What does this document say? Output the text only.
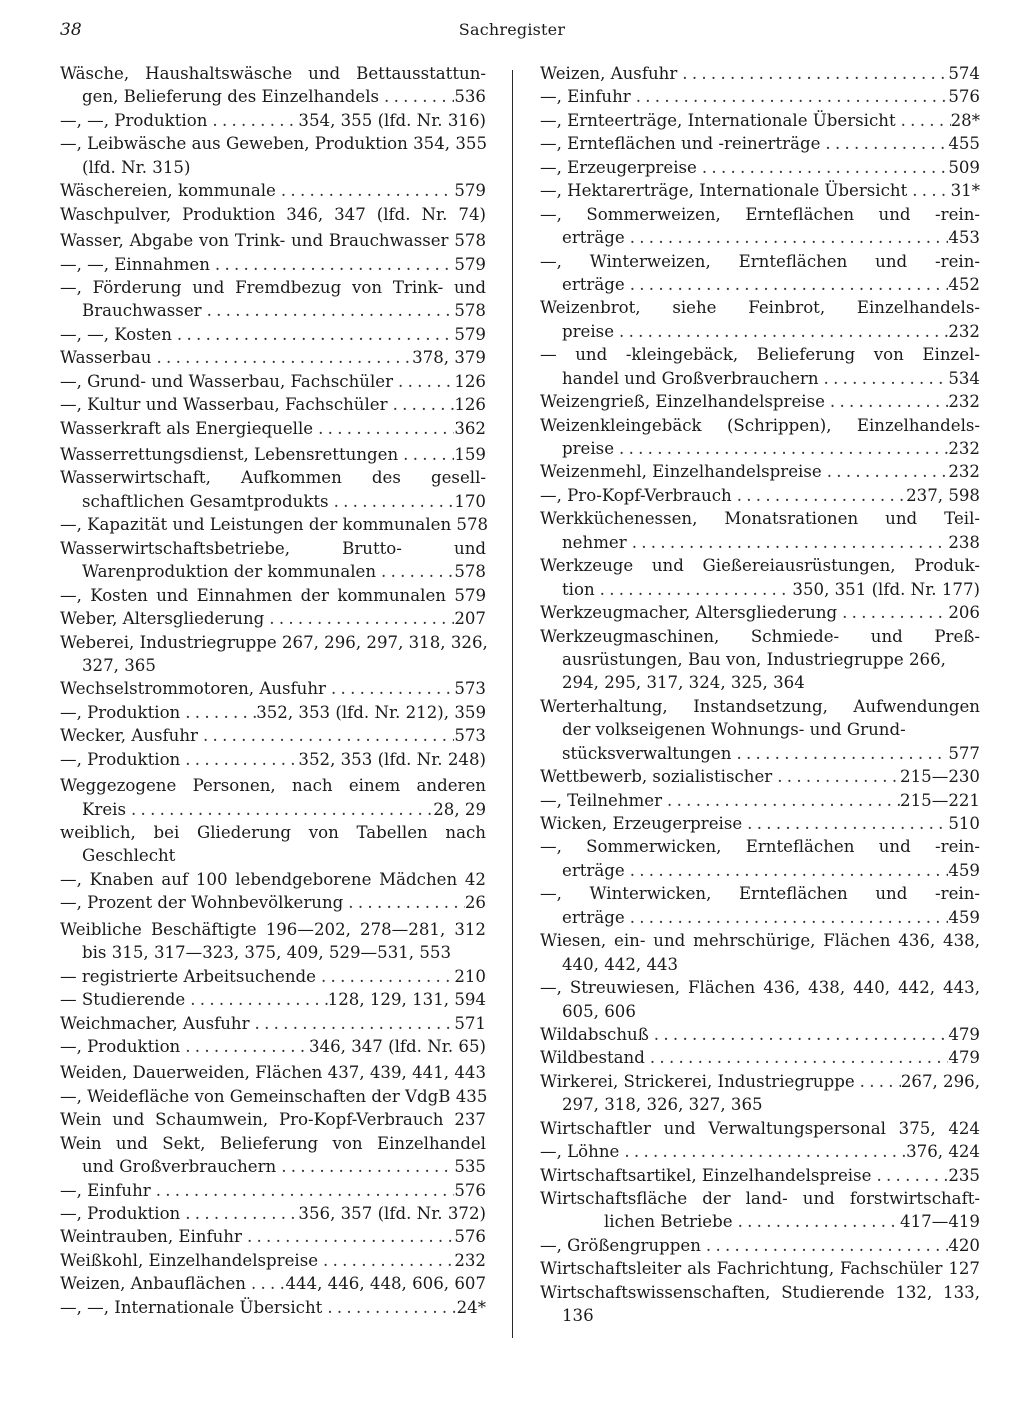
38	Sachregister
Wäsche, Haushaltswäsche und Bettausstattun-
gen, Belieferung des Einzelhandels . . .	536
—, —, Produktion . . .	354, 355 (lfd. Nr. 316)
—, Leibwäsche aus Geweben, Produktion 354, 355
(lfd. Nr. 315)
Wäschereien, kommunale . . .	579
Waschpulver, Produktion 346, 347 (lfd. Nr. 74)
Wasser, Abgabe von Trink- und Brauchwasser 578
—, —, Einnahmen . . .	579
—, Förderung und Fremdbezug von Trink- und
Brauchwasser . . .	578
—, —, Kosten . . .	579
Wasserbau . . .	378, 379
—, Grund- und Wasserbau, Fachschüler . . .	126
—, Kultur und Wasserbau, Fachschüler . . .	126
Wasserkraft als Energiequelle . . .	362
Wasserrettungsdienst, Lebensrettungen . . .	159
Wasserwirtschaft, Aufkommen des gesell-
schaftlichen Gesamtprodukts . . .	170
—, Kapazität und Leistungen der kommunalen 578
Wasserwirtschaftsbetriebe, Brutto- und
Warenproduktion der kommunalen . . .	578
—, Kosten und Einnahmen der kommunalen 579
Weber, Altersgliederung . . .	207
Weberei, Industriegruppe 267, 296, 297, 318, 326,
327, 365
Wechselstrommotoren, Ausfuhr . . .	573
—, Produktion . . .	352, 353 (lfd. Nr. 212), 359
Wecker, Ausfuhr . . .	573
—, Produktion . . .	352, 353 (lfd. Nr. 248)
Weggezogene Personen, nach einem anderen
Kreis . . .	28, 29
weiblich, bei Gliederung von Tabellen nach
Geschlecht
—, Knaben auf 100 lebendgeborene Mädchen 42
—, Prozent der Wohnbevölkerung . . .	26
Weibliche Beschäftigte 196—202, 278—281, 312
bis 315, 317—323, 375, 409, 529—531, 553
— registrierte Arbeitsuchende . . .	210
— Studierende . . .	128, 129, 131, 594
Weichmacher, Ausfuhr . . .	571
—, Produktion . . .	346, 347 (lfd. Nr. 65)
Weiden, Dauerweiden, Flächen 437, 439, 441, 443
—, Weidefläche von Gemeinschaften der VdgB 435
Wein und Schaumwein, Pro-Kopf-Verbrauch 237
Wein und Sekt, Belieferung von Einzelhandel
und Großverbrauchern . . .	535
—, Einfuhr . . .	576
—, Produktion . . .	356, 357 (lfd. Nr. 372)
Weintrauben, Einfuhr . . .	576
Weißkohl, Einzelhandelspreise . . .	232
Weizen, Anbauflächen . . . 444, 446, 448, 606, 607
—, —, Internationale Übersicht . . .	24*
Weizen, Ausfuhr . . .	574
—, Einfuhr . . .	576
—, Ernteerträge, Internationale Übersicht . . .	28*
—, Ernteflächen und -reinerträge . . .	455
—, Erzeugerpreise . . .	509
—, Hektarerträge, Internationale Übersicht . . .	31*
—, Sommerweizen, Ernteflächen und -rein-
erträge . . .	453
—, Winterweizen, Ernteflächen und -rein-
erträge . . .	452
Weizenbrot, siehe Feinbrot, Einzelhandels-
preise . . .	232
— und -kleingebäck, Belieferung von Einzel-
handel und Großverbrauchern . . .	534
Weizengrieß, Einzelhandelspreise . . .	232
Weizenkleingebäck (Schrippen), Einzelhandels-
preise . . .	232
Weizenmehl, Einzelhandelspreise . . .	232
—, Pro-Kopf-Verbrauch . . .	237, 598
Werkküchenessen, Monatsrationen und Teil-
nehmer . . .	238
Werkzeuge und Gießereiausrüstungen, Produk-
tion . . .	350, 351 (lfd. Nr. 177)
Werkzeugmacher, Altersgliederung . . .	206
Werkzeugmaschinen, Schmiede- und Preß-
ausrüstungen, Bau von, Industriegruppe 266,
294, 295, 317, 324, 325, 364
Werterhaltung, Instandsetzung, Aufwendungen
der volkseigenen Wohnungs- und Grund-
stücksverwaltungen . . .	577
Wettbewerb, sozialistischer . . .	215—230
—, Teilnehmer . . .	215—221
Wicken, Erzeugerpreise . . .	510
—, Sommerwicken, Ernteflächen und -rein-
erträge . . .	459
—, Winterwicken, Ernteflächen und -rein-
erträge . . .	459
Wiesen, ein- und mehrschürige, Flächen 436, 438,
440, 442, 443
—, Streuwiesen, Flächen 436, 438, 440, 442, 443,
605, 606
Wildabschuß . . .	479
Wildbestand . . .	479
Wirkerei, Strickerei, Industriegruppe . . .	267, 296,
297, 318, 326, 327, 365
Wirtschaftler und Verwaltungspersonal 375, 424
—, Löhne . . .	376, 424
Wirtschaftsartikel, Einzelhandelspreise . . .	235
Wirtschaftsfläche der land- und forstwirtschaft-
lichen Betriebe . . .	417—419
—, Größengruppen . . .	420
Wirtschaftsleiter als Fachrichtung, Fachschüler 127
Wirtschaftswissenschaften, Studierende 132, 133,
136
